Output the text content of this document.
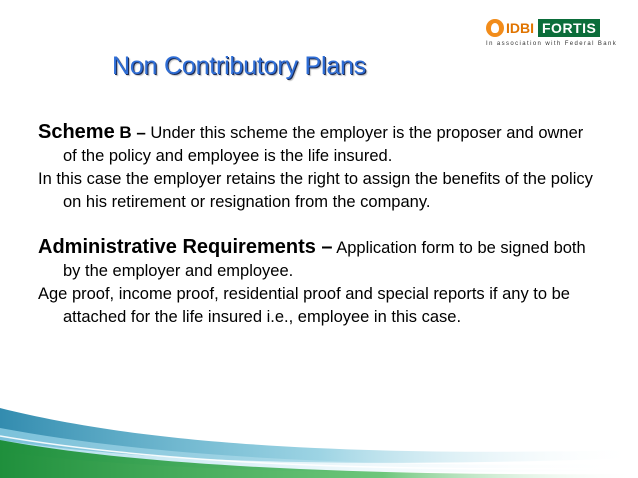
IDBI FORTIS
In association with Federal Bank
Non Contributory Plans

Scheme B – Under this scheme the employer is the proposer and owner of the policy and employee is the life insured.

In this case the employer retains the right to assign the benefits of the policy on his retirement or resignation from the company.

Administrative Requirements – Application form to be signed both by the employer and employee.

Age proof, income proof, residential proof and special reports if any to be attached for the life insured i.e., employee in this case.
